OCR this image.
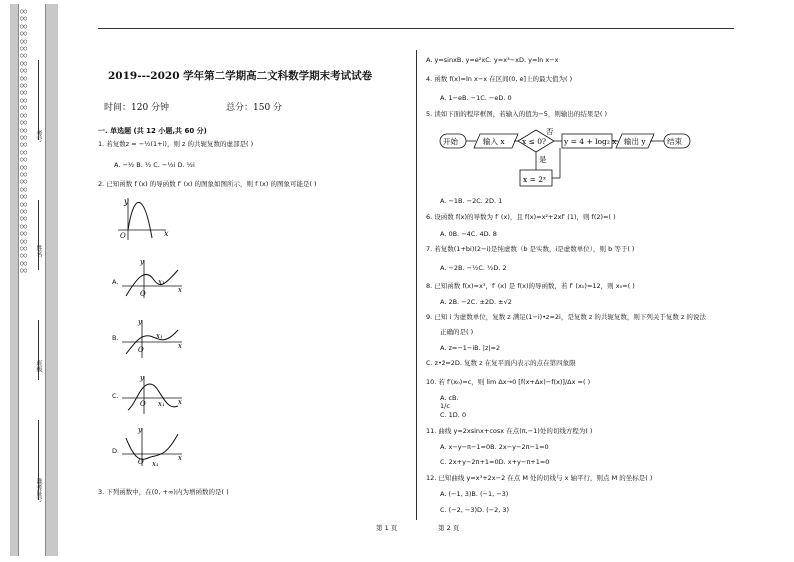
○○○○○○○○○○○○○○○○○○○○○○○○○○○○○○○○○○○○○○○○○○○○○○○○○○○○○○○○○○○○○○○○○○○○○○○○
考号
姓名
班级
准考证号
2019---2020 学年第二学期高二文科数学期末考试试卷
时间：120 分钟	总分：150 分
一. 单选题 (共 12 小题,共 60 分)
1. 若复数z = −½(1+i)，则 z 的共轭复数的虚部是( )
A. −½ B. ½ C. −½i D. ½i
2. 已知函数 f (x) 的导函数 f′ (x) 的图象如图所示，则 f (x) 的图象可能是( )
y
x
O
A.	x₁
O	x
y
B.	x₁
O	x
y
C.
x₁
O	x
y
D.
x₁
O	x
y
3. 下列函数中，在(0, +∞)内为增函数的是( )
A. y=sinxB. y=e²xC. y=x³−xD. y=ln x−x
4. 函数 f(x)=ln x−x 在区间(0, e]上的最大值为( )
A. 1−eB. −1C. −eD. 0
5. 读如下面的程序框图，若输入的值为−5，则输出的结果是( )
开始	输入 x x ≤ 0?
否
y = 4 + log₂ x 输出 y	结束
是
x = 2ˣ
A. −1B. −2C. 2D. 1
6. 设函数 f(x)的导数为 f′ (x)，且 f(x)=x²+2xf′ (1)，则 f(2)=( )
A. 0B. −4C. 4D. 8
7. 若复数(1+bi)(2−i)是纯虚数（b 是实数，i是虚数单位），则 b 等于( )
A. −2B. −½C. ½D. 2
8. 已知函数 f(x)=x³，f′ (x) 是 f(x)的导函数，若 f′ (x₀)=12，则 x₀=( )
A. 2B. −2C. ±2D. ±√2
9. 已知 i 为虚数单位，复数 z 满足(1−i)•z=2i，是复数 z 的共轭复数，则下列关于复数 z 的说法
正确的是( )
A. z=−1−iB. |z|=2
C. z•z̄=2D. 复数 z 在复平面内表示的点在第四象限
10. 若 f′(x₀)=c，则 lim Δx→0 [f(x+Δx)−f(x)]/Δx =( )
A. cB.
1/c
C. 1D. 0
11. 曲线 y=2xsinx+cosx 在点(π,−1)处的切线方程为( )
A. x−y−π−1=0B. 2x−y−2π−1=0
C. 2x+y−2π+1=0D. x+y−π+1=0
12. 已知曲线 y=x³+2x−2 在点 M 处的切线与 x 轴平行，则点 M 的坐标是( )
A. (−1, 3)B. (−1, −3)
C. (−2, −3)D. (−2, 3)
第 1 页	第 2 页
